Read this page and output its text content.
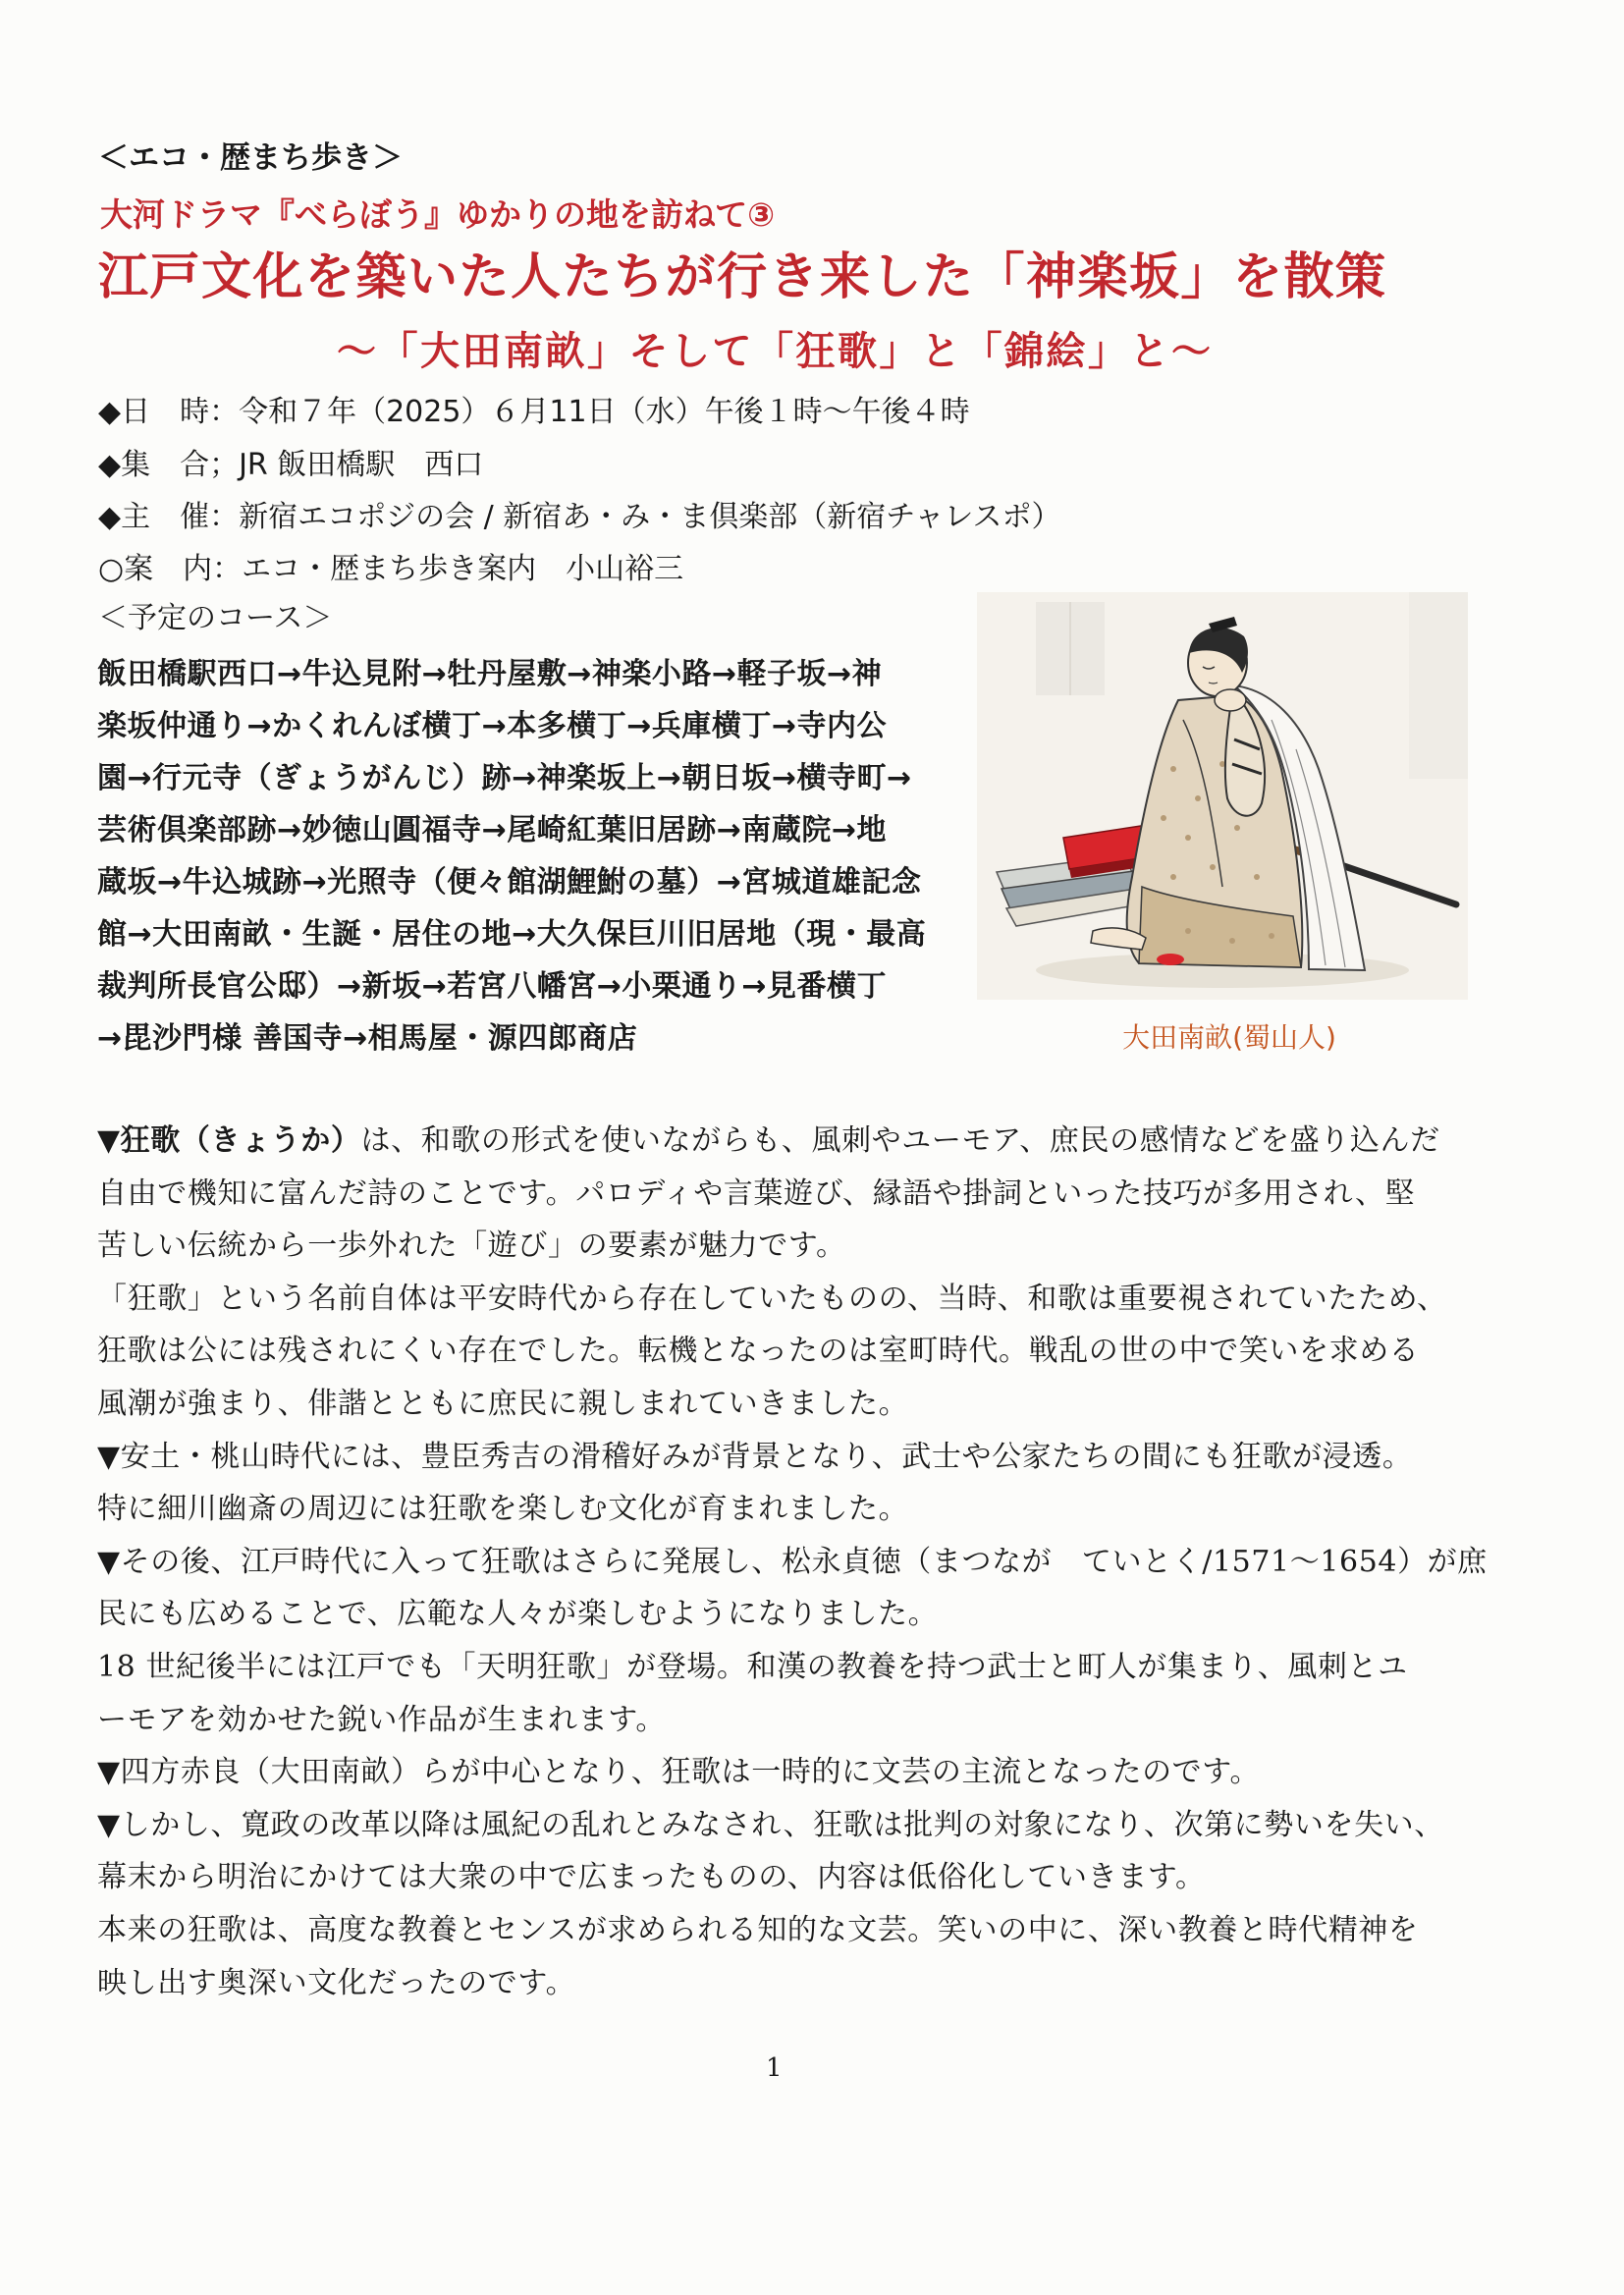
＜エコ・歴まち歩き＞
大河ドラマ『べらぼう』ゆかりの地を訪ねて③
江戸文化を築いた人たちが行き来した「神楽坂」を散策
～「大田南畝」そして「狂歌」と「錦絵」と～
◆日　時：令和７年（2025）６月11日（水）午後１時～午後４時
◆集　合；JR 飯田橋駅　西口
◆主　催：新宿エコポジの会 / 新宿あ・み・ま倶楽部（新宿チャレスポ）
○案　内：エコ・歴まち歩き案内　小山裕三
＜予定のコース＞
飯田橋駅西口→牛込見附→牡丹屋敷→神楽小路→軽子坂→神
楽坂仲通り→かくれんぼ横丁→本多横丁→兵庫横丁→寺内公
園→行元寺（ぎょうがんじ）跡→神楽坂上→朝日坂→横寺町→
芸術倶楽部跡→妙徳山圓福寺→尾崎紅葉旧居跡→南蔵院→地
蔵坂→牛込城跡→光照寺（便々館湖鯉鮒の墓）→宮城道雄記念
館→大田南畝・生誕・居住の地→大久保巨川旧居地（現・最高
裁判所長官公邸）→新坂→若宮八幡宮→小栗通り→見番横丁
→毘沙門様 善国寺→相馬屋・源四郎商店	大田南畝(蜀山人)
▼狂歌（きょうか）は、和歌の形式を使いながらも、風刺やユーモア、庶民の感情などを盛り込んだ
自由で機知に富んだ詩のことです。パロディや言葉遊び、縁語や掛詞といった技巧が多用され、堅
苦しい伝統から一歩外れた「遊び」の要素が魅力です。
「狂歌」という名前自体は平安時代から存在していたものの、当時、和歌は重要視されていたため、
狂歌は公には残されにくい存在でした。転機となったのは室町時代。戦乱の世の中で笑いを求める
風潮が強まり、俳諧とともに庶民に親しまれていきました。
▼安土・桃山時代には、豊臣秀吉の滑稽好みが背景となり、武士や公家たちの間にも狂歌が浸透。
特に細川幽斎の周辺には狂歌を楽しむ文化が育まれました。
▼その後、江戸時代に入って狂歌はさらに発展し、松永貞徳（まつなが　ていとく/1571～1654）が庶
民にも広めることで、広範な人々が楽しむようになりました。
18 世紀後半には江戸でも「天明狂歌」が登場。和漢の教養を持つ武士と町人が集まり、風刺とユ
ーモアを効かせた鋭い作品が生まれます。
▼四方赤良（大田南畝）らが中心となり、狂歌は一時的に文芸の主流となったのです。
▼しかし、寛政の改革以降は風紀の乱れとみなされ、狂歌は批判の対象になり、次第に勢いを失い、
幕末から明治にかけては大衆の中で広まったものの、内容は低俗化していきます。
本来の狂歌は、高度な教養とセンスが求められる知的な文芸。笑いの中に、深い教養と時代精神を
映し出す奥深い文化だったのです。
1
